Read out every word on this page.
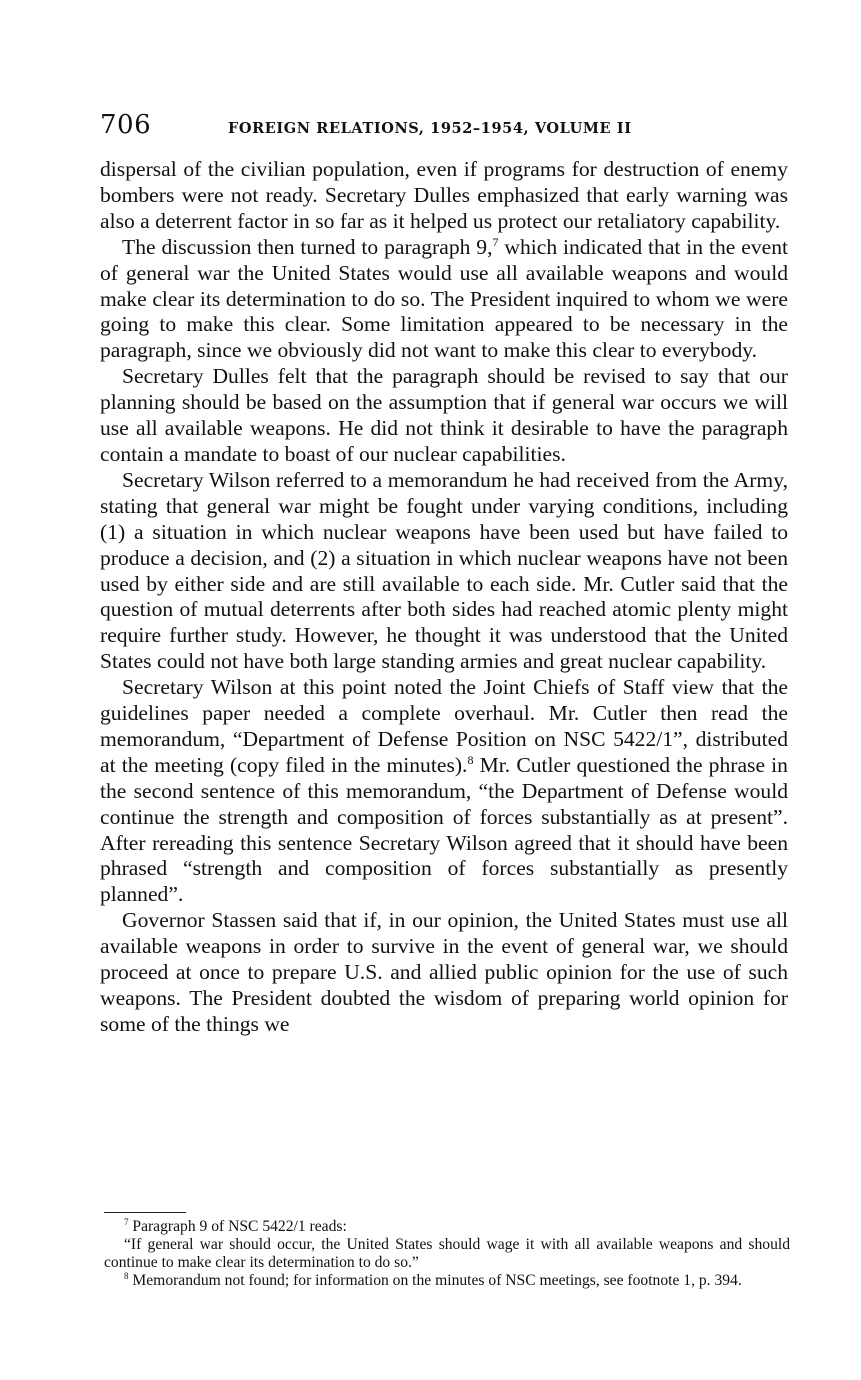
706	FOREIGN RELATIONS, 1952–1954, VOLUME II

dispersal of the civilian population, even if programs for destruction of enemy bombers were not ready. Secretary Dulles emphasized that early warning was also a deterrent factor in so far as it helped us protect our retaliatory capability.

The discussion then turned to paragraph 9,$^7$ which indicated that in the event of general war the United States would use all available weapons and would make clear its determination to do so. The President inquired to whom we were going to make this clear. Some limitation appeared to be necessary in the paragraph, since we obviously did not want to make this clear to everybody.

Secretary Dulles felt that the paragraph should be revised to say that our planning should be based on the assumption that if general war occurs we will use all available weapons. He did not think it desirable to have the paragraph contain a mandate to boast of our nuclear capabilities.

Secretary Wilson referred to a memorandum he had received from the Army, stating that general war might be fought under varying conditions, including (1) a situation in which nuclear weapons have been used but have failed to produce a decision, and (2) a situation in which nuclear weapons have not been used by either side and are still available to each side. Mr. Cutler said that the question of mutual deterrents after both sides had reached atomic plenty might require further study. However, he thought it was understood that the United States could not have both large standing armies and great nuclear capability.

Secretary Wilson at this point noted the Joint Chiefs of Staff view that the guidelines paper needed a complete overhaul. Mr. Cutler then read the memorandum, “Department of Defense Position on NSC 5422/1”, distributed at the meeting (copy filed in the minutes).$^8$ Mr. Cutler questioned the phrase in the second sentence of this memorandum, “the Department of Defense would continue the strength and composition of forces substantially as at present”. After rereading this sentence Secretary Wilson agreed that it should have been phrased “strength and composition of forces substantially as presently planned”.

Governor Stassen said that if, in our opinion, the United States must use all available weapons in order to survive in the event of general war, we should proceed at once to prepare U.S. and allied public opinion for the use of such weapons. The President doubted the wisdom of preparing world opinion for some of the things we

$^7$ Paragraph 9 of NSC 5422/1 reads:

“If general war should occur, the United States should wage it with all available weapons and should continue to make clear its determination to do so.”

$^8$ Memorandum not found; for information on the minutes of NSC meetings, see footnote 1, p. 394.
